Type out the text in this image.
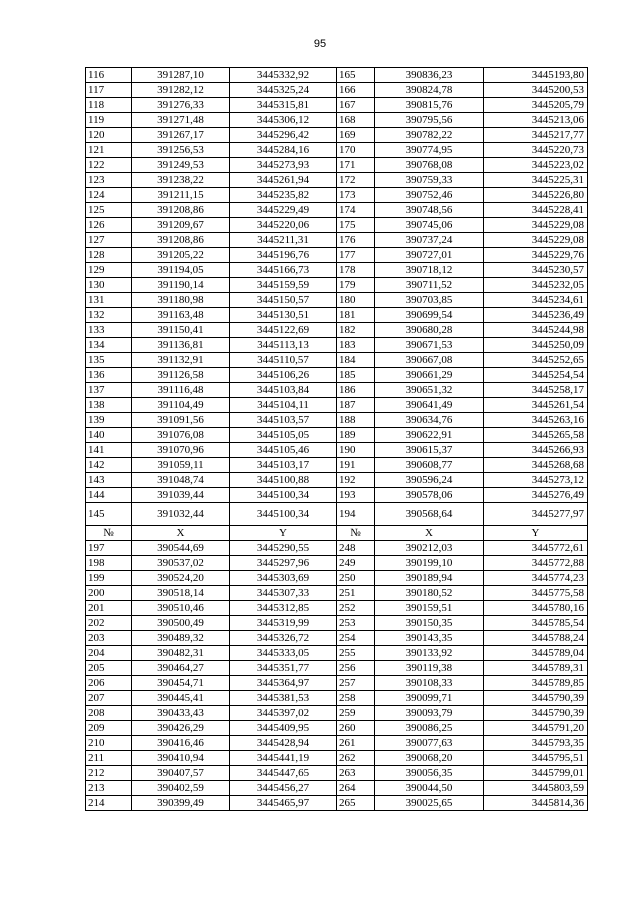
95
116	391287,10	3445332,92	165	390836,23	3445193,80
117	391282,12	3445325,24	166	390824,78	3445200,53
118	391276,33	3445315,81	167	390815,76	3445205,79
119	391271,48	3445306,12	168	390795,56	3445213,06
120	391267,17	3445296,42	169	390782,22	3445217,77
121	391256,53	3445284,16	170	390774,95	3445220,73
122	391249,53	3445273,93	171	390768,08	3445223,02
123	391238,22	3445261,94	172	390759,33	3445225,31
124	391211,15	3445235,82	173	390752,46	3445226,80
125	391208,86	3445229,49	174	390748,56	3445228,41
126	391209,67	3445220,06	175	390745,06	3445229,08
127	391208,86	3445211,31	176	390737,24	3445229,08
128	391205,22	3445196,76	177	390727,01	3445229,76
129	391194,05	3445166,73	178	390718,12	3445230,57
130	391190,14	3445159,59	179	390711,52	3445232,05
131	391180,98	3445150,57	180	390703,85	3445234,61
132	391163,48	3445130,51	181	390699,54	3445236,49
133	391150,41	3445122,69	182	390680,28	3445244,98
134	391136,81	3445113,13	183	390671,53	3445250,09
135	391132,91	3445110,57	184	390667,08	3445252,65
136	391126,58	3445106,26	185	390661,29	3445254,54
137	391116,48	3445103,84	186	390651,32	3445258,17
138	391104,49	3445104,11	187	390641,49	3445261,54
139	391091,56	3445103,57	188	390634,76	3445263,16
140	391076,08	3445105,05	189	390622,91	3445265,58
141	391070,96	3445105,46	190	390615,37	3445266,93
142	391059,11	3445103,17	191	390608,77	3445268,68
143	391048,74	3445100,88	192	390596,24	3445273,12
144	391039,44	3445100,34	193	390578,06	3445276,49
145	391032,44	3445100,34	194	390568,64	3445277,97
№	X	Y	№	X	Y
197	390544,69	3445290,55	248	390212,03	3445772,61
198	390537,02	3445297,96	249	390199,10	3445772,88
199	390524,20	3445303,69	250	390189,94	3445774,23
200	390518,14	3445307,33	251	390180,52	3445775,58
201	390510,46	3445312,85	252	390159,51	3445780,16
202	390500,49	3445319,99	253	390150,35	3445785,54
203	390489,32	3445326,72	254	390143,35	3445788,24
204	390482,31	3445333,05	255	390133,92	3445789,04
205	390464,27	3445351,77	256	390119,38	3445789,31
206	390454,71	3445364,97	257	390108,33	3445789,85
207	390445,41	3445381,53	258	390099,71	3445790,39
208	390433,43	3445397,02	259	390093,79	3445790,39
209	390426,29	3445409,95	260	390086,25	3445791,20
210	390416,46	3445428,94	261	390077,63	3445793,35
211	390410,94	3445441,19	262	390068,20	3445795,51
212	390407,57	3445447,65	263	390056,35	3445799,01
213	390402,59	3445456,27	264	390044,50	3445803,59
214	390399,49	3445465,97	265	390025,65	3445814,36
